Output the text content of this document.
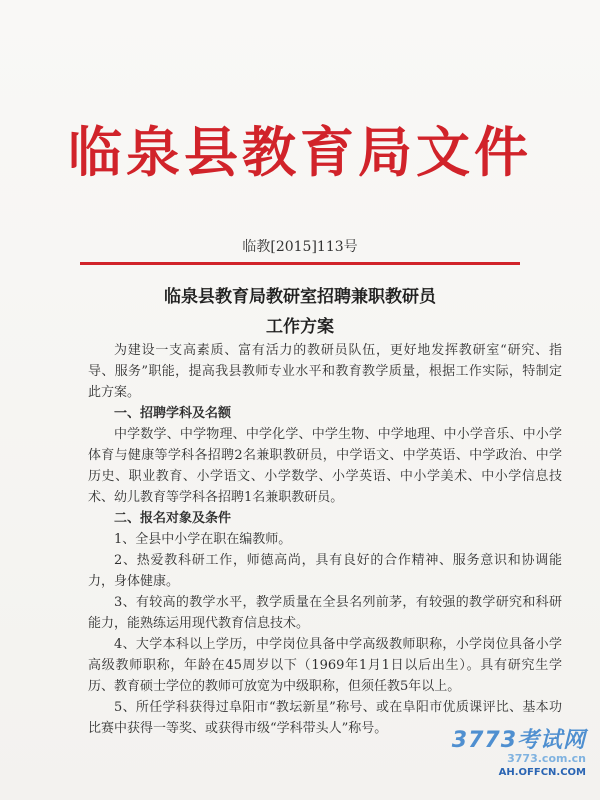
临泉县教育局文件
临教[2015]113号
临泉县教育局教研室招聘兼职教研员
工作方案

为建设一支高素质、富有活力的教研员队伍，更好地发挥教研室“研究、指导、服务”职能，提高我县教师专业水平和教育教学质量，根据工作实际，特制定此方案。

一、招聘学科及名额

中学数学、中学物理、中学化学、中学生物、中学地理、中小学音乐、中小学体育与健康等学科各招聘2名兼职教研员，中学语文、中学英语、中学政治、中学历史、职业教育、小学语文、小学数学、小学英语、中小学美术、中小学信息技术、幼儿教育等学科各招聘1名兼职教研员。

二、报名对象及条件

1、全县中小学在职在编教师。

2、热爱教科研工作，师德高尚，具有良好的合作精神、服务意识和协调能力，身体健康。

3、有较高的教学水平，教学质量在全县名列前茅，有较强的教学研究和科研能力，能熟练运用现代教育信息技术。

4、大学本科以上学历，中学岗位具备中学高级教师职称，小学岗位具备小学高级教师职称，年龄在45周岁以下（1969年1月1日以后出生）。具有研究生学历、教育硕士学位的教师可放宽为中级职称，但须任教5年以上。

5、所任学科获得过阜阳市“教坛新星”称号、或在阜阳市优质课评比、基本功比赛中获得一等奖、或获得市级“学科带头人”称号。	3773考试网
3773.com.cn
AH.OFFCN.COM
